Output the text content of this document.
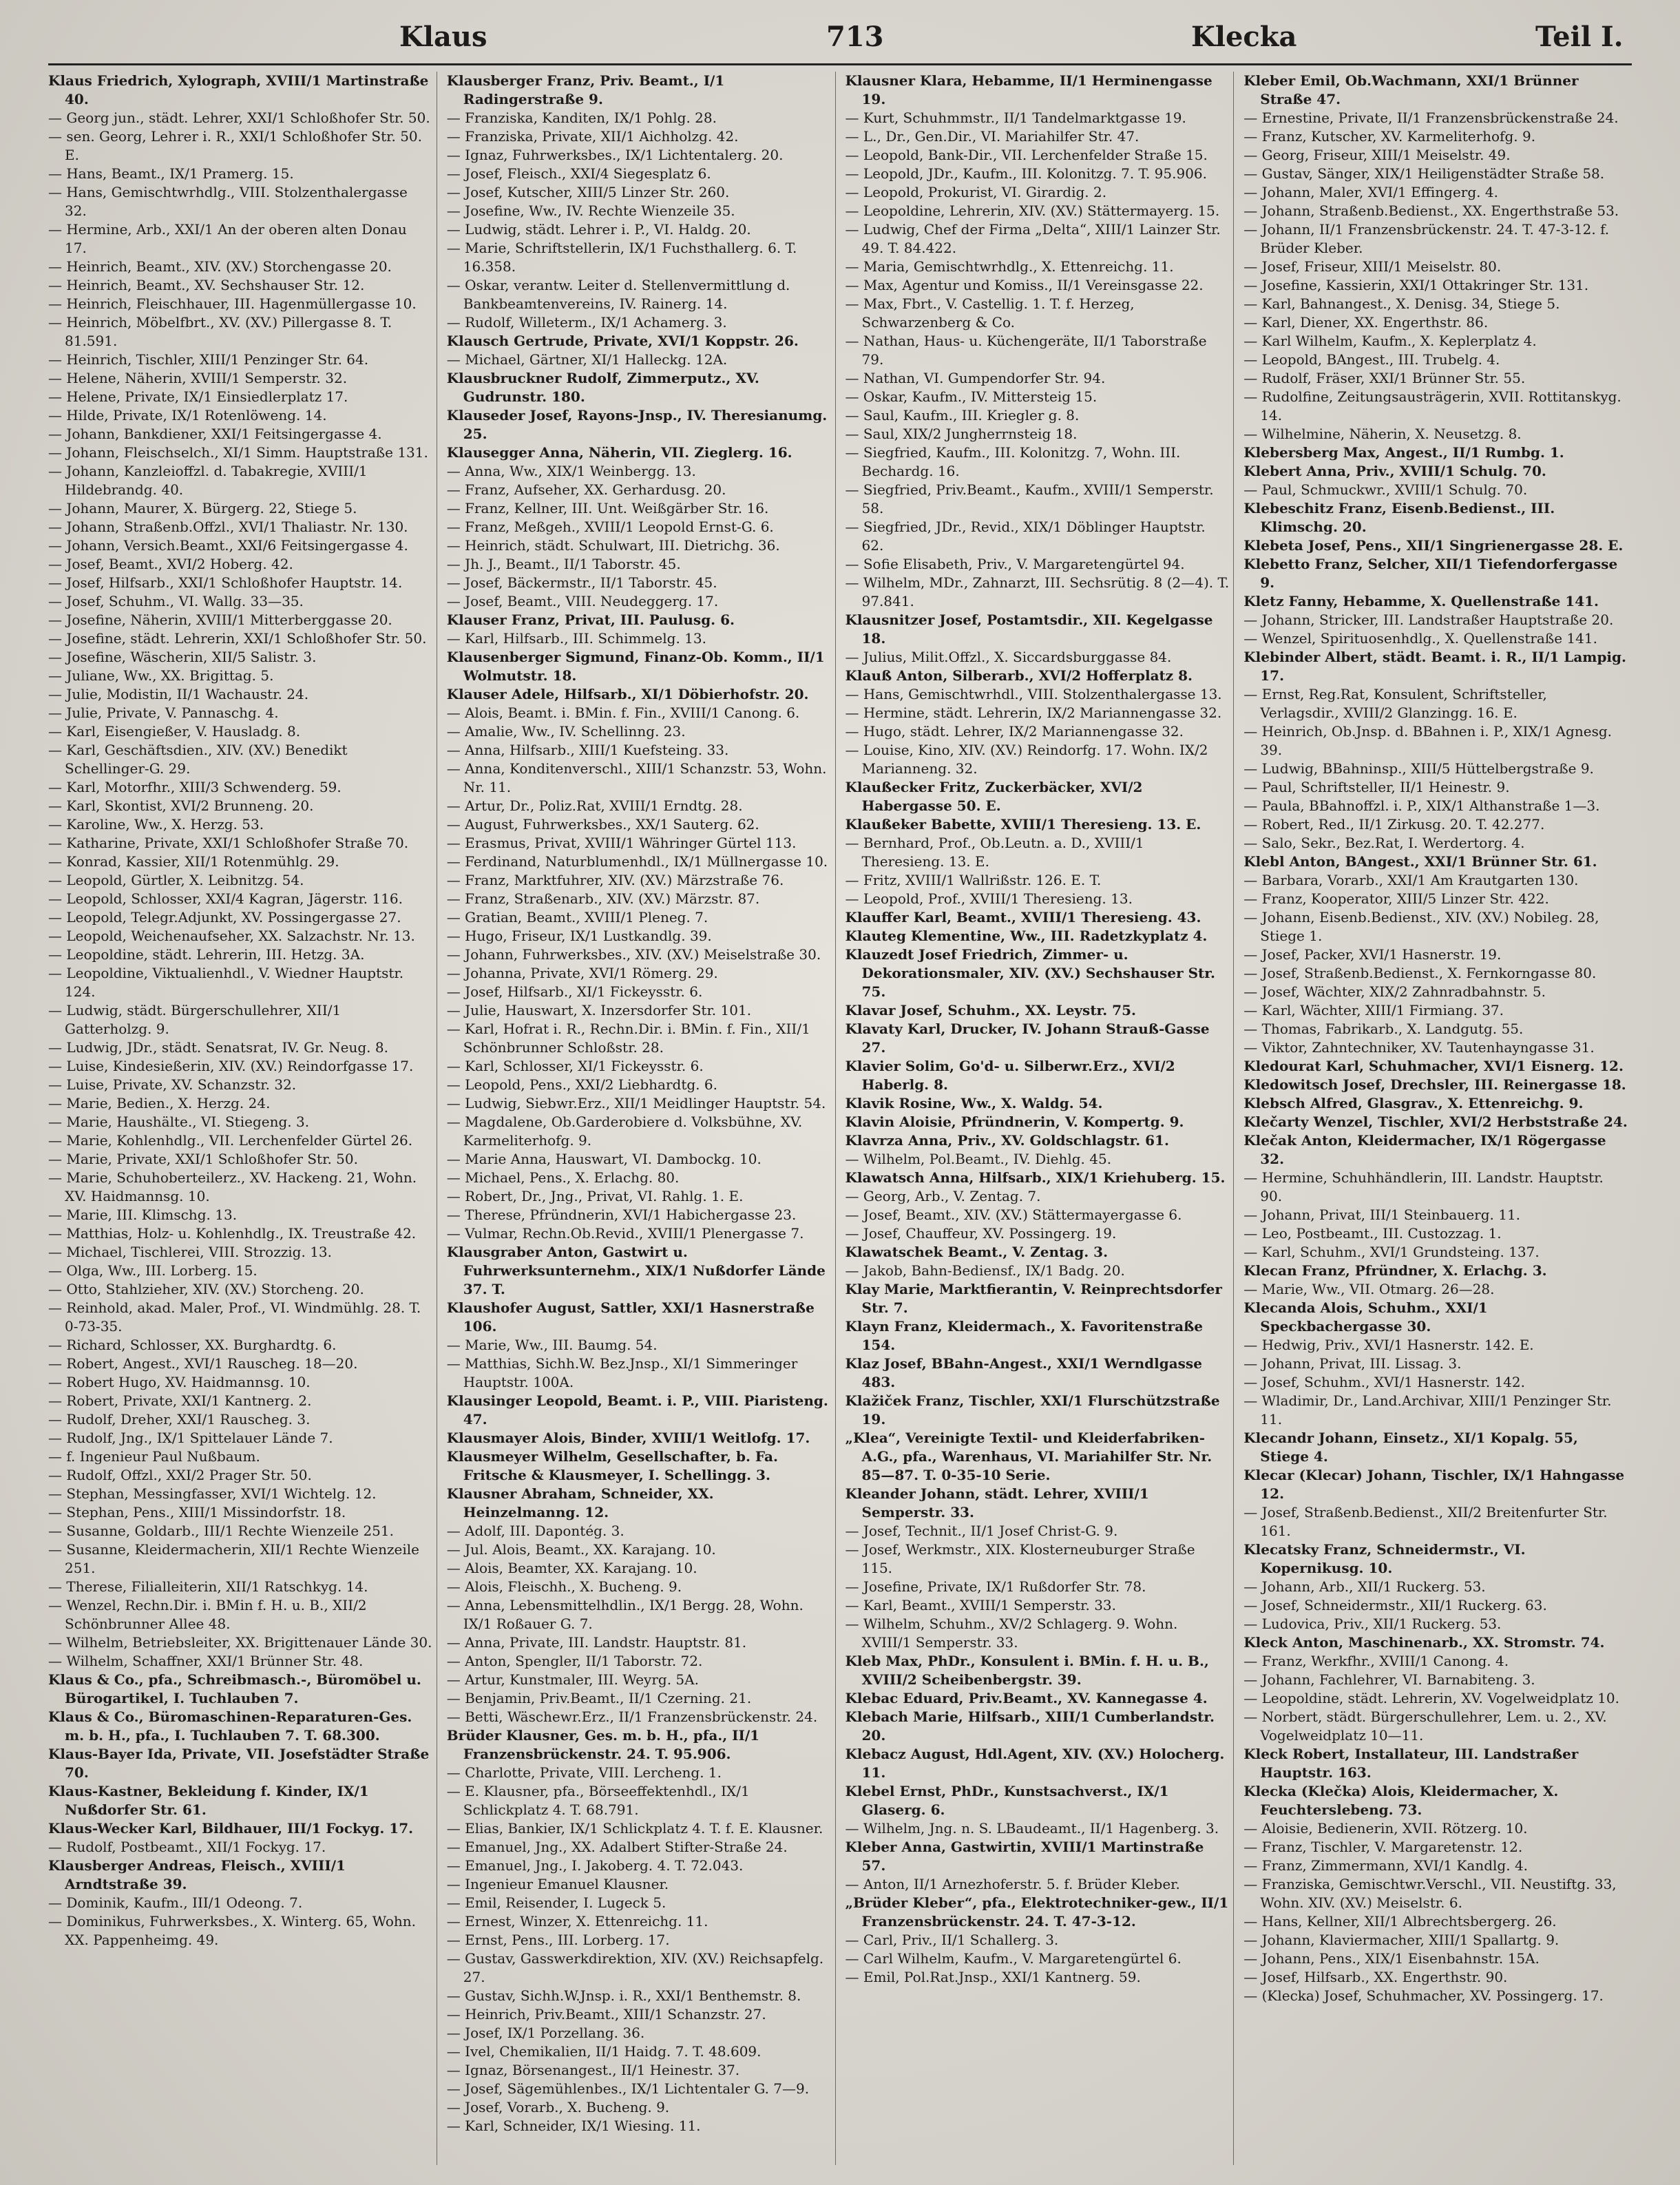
Klaus	713	Klecka	Teil I.

Klaus Friedrich, Xylograph, XVIII/1 Martinstraße 40.

— Georg jun., städt. Lehrer, XXI/1 Schloßhofer Str. 50.

— sen. Georg, Lehrer i. R., XXI/1 Schloßhofer Str. 50. E.

— Hans, Beamt., IX/1 Pramerg. 15.

— Hans, Gemischtwrhdlg., VIII. Stolzenthalergasse 32.

— Hermine, Arb., XXI/1 An der oberen alten Donau 17.

— Heinrich, Beamt., XIV. (XV.) Storchengasse 20.

— Heinrich, Beamt., XV. Sechshauser Str. 12.

— Heinrich, Fleischhauer, III. Hagenmüllergasse 10.

— Heinrich, Möbelfbrt., XV. (XV.) Pillergasse 8. T. 81.591.

— Heinrich, Tischler, XIII/1 Penzinger Str. 64.

— Helene, Näherin, XVIII/1 Semperstr. 32.

— Helene, Private, IX/1 Einsiedlerplatz 17.

— Hilde, Private, IX/1 Rotenlöweng. 14.

— Johann, Bankdiener, XXI/1 Feitsingergasse 4.

— Johann, Fleischselch., XI/1 Simm. Hauptstraße 131.

— Johann, Kanzleioffzl. d. Tabakregie, XVIII/1 Hildebrandg. 40.

— Johann, Maurer, X. Bürgerg. 22, Stiege 5.

— Johann, Straßenb.Offzl., XVI/1 Thaliastr. Nr. 130.

— Johann, Versich.Beamt., XXI/6 Feitsingergasse 4.

— Josef, Beamt., XVI/2 Hoberg. 42.

— Josef, Hilfsarb., XXI/1 Schloßhofer Hauptstr. 14.

— Josef, Schuhm., VI. Wallg. 33—35.

— Josefine, Näherin, XVIII/1 Mitterberggasse 20.

— Josefine, städt. Lehrerin, XXI/1 Schloßhofer Str. 50.

— Josefine, Wäscherin, XII/5 Salistr. 3.

— Juliane, Ww., XX. Brigittag. 5.

— Julie, Modistin, II/1 Wachaustr. 24.

— Julie, Private, V. Pannaschg. 4.

— Karl, Eisengießer, V. Hausladg. 8.

— Karl, Geschäftsdien., XIV. (XV.) Benedikt Schellinger-G. 29.

— Karl, Motorfhr., XIII/3 Schwenderg. 59.

— Karl, Skontist, XVI/2 Brunneng. 20.

— Karoline, Ww., X. Herzg. 53.

— Katharine, Private, XXI/1 Schloßhofer Straße 70.

— Konrad, Kassier, XII/1 Rotenmühlg. 29.

— Leopold, Gürtler, X. Leibnitzg. 54.

— Leopold, Schlosser, XXI/4 Kagran, Jägerstr. 116.

— Leopold, Telegr.Adjunkt, XV. Possingergasse 27.

— Leopold, Weichenaufseher, XX. Salzachstr. Nr. 13.

— Leopoldine, städt. Lehrerin, III. Hetzg. 3A.

— Leopoldine, Viktualienhdl., V. Wiedner Hauptstr. 124.

— Ludwig, städt. Bürgerschullehrer, XII/1 Gatterholzg. 9.

— Ludwig, JDr., städt. Senatsrat, IV. Gr. Neug. 8.

— Luise, Kindesießerin, XIV. (XV.) Reindorfgasse 17.

— Luise, Private, XV. Schanzstr. 32.

— Marie, Bedien., X. Herzg. 24.

— Marie, Haushälte., VI. Stiegeng. 3.

— Marie, Kohlenhdlg., VII. Lerchenfelder Gürtel 26.

— Marie, Private, XXI/1 Schloßhofer Str. 50.

— Marie, Schuhoberteilerz., XV. Hackeng. 21, Wohn. XV. Haidmannsg. 10.

— Marie, III. Klimschg. 13.

— Matthias, Holz- u. Kohlenhdlg., IX. Treustraße 42.

— Michael, Tischlerei, VIII. Strozzig. 13.

— Olga, Ww., III. Lorberg. 15.

— Otto, Stahlzieher, XIV. (XV.) Storcheng. 20.

— Reinhold, akad. Maler, Prof., VI. Windmühlg. 28. T. 0-73-35.

— Richard, Schlosser, XX. Burghardtg. 6.

— Robert, Angest., XVI/1 Rauscheg. 18—20.

— Robert Hugo, XV. Haidmannsg. 10.

— Robert, Private, XXI/1 Kantnerg. 2.

— Rudolf, Dreher, XXI/1 Rauscheg. 3.

— Rudolf, Jng., IX/1 Spittelauer Lände 7.

— f. Ingenieur Paul Nußbaum.

— Rudolf, Offzl., XXI/2 Prager Str. 50.

— Stephan, Messingfasser, XVI/1 Wichtelg. 12.

— Stephan, Pens., XIII/1 Missindorfstr. 18.

— Susanne, Goldarb., III/1 Rechte Wienzeile 251.

— Susanne, Kleidermacherin, XII/1 Rechte Wienzeile 251.

— Therese, Filialleiterin, XII/1 Ratschkyg. 14.

— Wenzel, Rechn.Dir. i. BMin f. H. u. B., XII/2 Schönbrunner Allee 48.

— Wilhelm, Betriebsleiter, XX. Brigittenauer Lände 30.

— Wilhelm, Schaffner, XXI/1 Brünner Str. 48.

Klaus & Co., pfa., Schreibmasch.-, Büromöbel u. Bürogartikel, I. Tuchlauben 7.

Klaus & Co., Büromaschinen-Reparaturen-Ges. m. b. H., pfa., I. Tuchlauben 7. T. 68.300.

Klaus-Bayer Ida, Private, VII. Josefstädter Straße 70.

Klaus-Kastner, Bekleidung f. Kinder, IX/1 Nußdorfer Str. 61.

Klaus-Wecker Karl, Bildhauer, III/1 Fockyg. 17.

— Rudolf, Postbeamt., XII/1 Fockyg. 17.

Klausberger Andreas, Fleisch., XVIII/1 Arndtstraße 39.

— Dominik, Kaufm., III/1 Odeong. 7.

— Dominikus, Fuhrwerksbes., X. Winterg. 65, Wohn. XX. Pappenheimg. 49.

Klausberger Franz, Priv. Beamt., I/1 Radingerstraße 9.

— Franziska, Kanditen, IX/1 Pohlg. 28.

— Franziska, Private, XII/1 Aichholzg. 42.

— Ignaz, Fuhrwerksbes., IX/1 Lichtentalerg. 20.

— Josef, Fleisch., XXI/4 Siegesplatz 6.

— Josef, Kutscher, XIII/5 Linzer Str. 260.

— Josefine, Ww., IV. Rechte Wienzeile 35.

— Ludwig, städt. Lehrer i. P., VI. Haldg. 20.

— Marie, Schriftstellerin, IX/1 Fuchsthallerg. 6. T. 16.358.

— Oskar, verantw. Leiter d. Stellenvermittlung d. Bankbeamtenvereins, IV. Rainerg. 14.

— Rudolf, Willeterm., IX/1 Achamerg. 3.

Klausch Gertrude, Private, XVI/1 Koppstr. 26.

— Michael, Gärtner, XI/1 Halleckg. 12A.

Klausbruckner Rudolf, Zimmerputz., XV. Gudrunstr. 180.

Klauseder Josef, Rayons-Jnsp., IV. Theresianumg. 25.

Klausegger Anna, Näherin, VII. Zieglerg. 16.

— Anna, Ww., XIX/1 Weinbergg. 13.

— Franz, Aufseher, XX. Gerhardusg. 20.

— Franz, Kellner, III. Unt. Weißgärber Str. 16.

— Franz, Meßgeh., XVIII/1 Leopold Ernst-G. 6.

— Heinrich, städt. Schulwart, III. Dietrichg. 36.

— Jh. J., Beamt., II/1 Taborstr. 45.

— Josef, Bäckermstr., II/1 Taborstr. 45.

— Josef, Beamt., VIII. Neudeggerg. 17.

Klauser Franz, Privat, III. Paulusg. 6.

— Karl, Hilfsarb., III. Schimmelg. 13.

Klausenberger Sigmund, Finanz-Ob. Komm., II/1 Wolmutstr. 18.

Klauser Adele, Hilfsarb., XI/1 Döbierhofstr. 20.

— Alois, Beamt. i. BMin. f. Fin., XVIII/1 Canong. 6.

— Amalie, Ww., IV. Schellinng. 23.

— Anna, Hilfsarb., XIII/1 Kuefsteing. 33.

— Anna, Konditenverschl., XIII/1 Schanzstr. 53, Wohn. Nr. 11.

— Artur, Dr., Poliz.Rat, XVIII/1 Erndtg. 28.

— August, Fuhrwerksbes., XX/1 Sauterg. 62.

— Erasmus, Privat, XVIII/1 Währinger Gürtel 113.

— Ferdinand, Naturblumenhdl., IX/1 Müllnergasse 10.

— Franz, Marktfuhrer, XIV. (XV.) Märzstraße 76.

— Franz, Straßenarb., XIV. (XV.) Märzstr. 87.

— Gratian, Beamt., XVIII/1 Pleneg. 7.

— Hugo, Friseur, IX/1 Lustkandlg. 39.

— Johann, Fuhrwerksbes., XIV. (XV.) Meiselstraße 30.

— Johanna, Private, XVI/1 Römerg. 29.

— Josef, Hilfsarb., XI/1 Fickeysstr. 6.

— Julie, Hauswart, X. Inzersdorfer Str. 101.

— Karl, Hofrat i. R., Rechn.Dir. i. BMin. f. Fin., XII/1 Schönbrunner Schloßstr. 28.

— Karl, Schlosser, XI/1 Fickeysstr. 6.

— Leopold, Pens., XXI/2 Liebhardtg. 6.

— Ludwig, Siebwr.Erz., XII/1 Meidlinger Hauptstr. 54.

— Magdalene, Ob.Garderobiere d. Volksbühne, XV. Karmeliterhofg. 9.

— Marie Anna, Hauswart, VI. Dambockg. 10.

— Michael, Pens., X. Erlachg. 80.

— Robert, Dr., Jng., Privat, VI. Rahlg. 1. E.

— Therese, Pfründnerin, XVI/1 Habichergasse 23.

— Vulmar, Rechn.Ob.Revid., XVIII/1 Plenergasse 7.

Klausgraber Anton, Gastwirt u. Fuhrwerksunternehm., XIX/1 Nußdorfer Lände 37. T.

Klaushofer August, Sattler, XXI/1 Hasnerstraße 106.

— Marie, Ww., III. Baumg. 54.

— Matthias, Sichh.W. Bez.Jnsp., XI/1 Simmeringer Hauptstr. 100A.

Klausinger Leopold, Beamt. i. P., VIII. Piaristeng. 47.

Klausmayer Alois, Binder, XVIII/1 Weitlofg. 17.

Klausmeyer Wilhelm, Gesellschafter, b. Fa. Fritsche & Klausmeyer, I. Schellingg. 3.

Klausner Abraham, Schneider, XX. Heinzelmanng. 12.

— Adolf, III. Dapontég. 3.

— Jul. Alois, Beamt., XX. Karajang. 10.

— Alois, Beamter, XX. Karajang. 10.

— Alois, Fleischh., X. Bucheng. 9.

— Anna, Lebensmittelhdlin., IX/1 Bergg. 28, Wohn. IX/1 Roßauer G. 7.

— Anna, Private, III. Landstr. Hauptstr. 81.

— Anton, Spengler, II/1 Taborstr. 72.

— Artur, Kunstmaler, III. Weyrg. 5A.

— Benjamin, Priv.Beamt., II/1 Czerning. 21.

— Betti, Wäschewr.Erz., II/1 Franzensbrückenstr. 24.

Brüder Klausner, Ges. m. b. H., pfa., II/1 Franzensbrückenstr. 24. T. 95.906.

— Charlotte, Private, VIII. Lercheng. 1.

— E. Klausner, pfa., Börseeffektenhdl., IX/1 Schlickplatz 4. T. 68.791.

— Elias, Bankier, IX/1 Schlickplatz 4. T. f. E. Klausner.

— Emanuel, Jng., XX. Adalbert Stifter-Straße 24.

— Emanuel, Jng., I. Jakoberg. 4. T. 72.043.

— Ingenieur Emanuel Klausner.

— Emil, Reisender, I. Lugeck 5.

— Ernest, Winzer, X. Ettenreichg. 11.

— Ernst, Pens., III. Lorberg. 17.

— Gustav, Gasswerkdirektion, XIV. (XV.) Reichsapfelg. 27.

— Gustav, Sichh.W.Jnsp. i. R., XXI/1 Benthemstr. 8.

— Heinrich, Priv.Beamt., XIII/1 Schanzstr. 27.

— Josef, IX/1 Porzellang. 36.

— Ivel, Chemikalien, II/1 Haidg. 7. T. 48.609.

— Ignaz, Börsenangest., II/1 Heinestr. 37.

— Josef, Sägemühlenbes., IX/1 Lichtentaler G. 7—9.

— Josef, Vorarb., X. Bucheng. 9.

— Karl, Schneider, IX/1 Wiesing. 11.

Klausner Klara, Hebamme, II/1 Herminengasse 19.

— Kurt, Schuhmmstr., II/1 Tandelmarktgasse 19.

— L., Dr., Gen.Dir., VI. Mariahilfer Str. 47.

— Leopold, Bank-Dir., VII. Lerchenfelder Straße 15.

— Leopold, JDr., Kaufm., III. Kolonitzg. 7. T. 95.906.

— Leopold, Prokurist, VI. Girardig. 2.

— Leopoldine, Lehrerin, XIV. (XV.) Stättermayerg. 15.

— Ludwig, Chef der Firma „Delta“, XIII/1 Lainzer Str. 49. T. 84.422.

— Maria, Gemischtwrhdlg., X. Ettenreichg. 11.

— Max, Agentur und Komiss., II/1 Vereinsgasse 22.

— Max, Fbrt., V. Castellig. 1. T. f. Herzeg, Schwarzenberg & Co.

— Nathan, Haus- u. Küchengeräte, II/1 Taborstraße 79.

— Nathan, VI. Gumpendorfer Str. 94.

— Oskar, Kaufm., IV. Mittersteig 15.

— Saul, Kaufm., III. Kriegler g. 8.

— Saul, XIX/2 Jungherrnsteig 18.

— Siegfried, Kaufm., III. Kolonitzg. 7, Wohn. III. Bechardg. 16.

— Siegfried, Priv.Beamt., Kaufm., XVIII/1 Semperstr. 58.

— Siegfried, JDr., Revid., XIX/1 Döblinger Hauptstr. 62.

— Sofie Elisabeth, Priv., V. Margaretengürtel 94.

— Wilhelm, MDr., Zahnarzt, III. Sechsrütig. 8 (2—4). T. 97.841.

Klausnitzer Josef, Postamtsdir., XII. Kegelgasse 18.

— Julius, Milit.Offzl., X. Siccardsburggasse 84.

Klauß Anton, Silberarb., XVI/2 Hofferplatz 8.

— Hans, Gemischtwrhdl., VIII. Stolzenthalergasse 13.

— Hermine, städt. Lehrerin, IX/2 Mariannengasse 32.

— Hugo, städt. Lehrer, IX/2 Mariannengasse 32.

— Louise, Kino, XIV. (XV.) Reindorfg. 17. Wohn. IX/2 Marianneng. 32.

Klaußecker Fritz, Zuckerbäcker, XVI/2 Habergasse 50. E.

Klaußeker Babette, XVIII/1 Theresieng. 13. E.

— Bernhard, Prof., Ob.Leutn. a. D., XVIII/1 Theresieng. 13. E.

— Fritz, XVIII/1 Wallrißstr. 126. E. T.

— Leopold, Prof., XVIII/1 Theresieng. 13.

Klauffer Karl, Beamt., XVIII/1 Theresieng. 43.

Klauteg Klementine, Ww., III. Radetzkyplatz 4.

Klauzedt Josef Friedrich, Zimmer- u. Dekorationsmaler, XIV. (XV.) Sechshauser Str. 75.

Klavar Josef, Schuhm., XX. Leystr. 75.

Klavaty Karl, Drucker, IV. Johann Strauß-Gasse 27.

Klavier Solim, Go'd- u. Silberwr.Erz., XVI/2 Haberlg. 8.

Klavik Rosine, Ww., X. Waldg. 54.

Klavin Aloisie, Pfründnerin, V. Kompertg. 9.

Klavrza Anna, Priv., XV. Goldschlagstr. 61.

— Wilhelm, Pol.Beamt., IV. Diehlg. 45.

Klawatsch Anna, Hilfsarb., XIX/1 Kriehuberg. 15.

— Georg, Arb., V. Zentag. 7.

— Josef, Beamt., XIV. (XV.) Stättermayergasse 6.

— Josef, Chauffeur, XV. Possingerg. 19.

Klawatschek Beamt., V. Zentag. 3.

— Jakob, Bahn-Bediensf., IX/1 Badg. 20.

Klay Marie, Marktfierantin, V. Reinprechtsdorfer Str. 7.

Klayn Franz, Kleidermach., X. Favoritenstraße 154.

Klaz Josef, BBahn-Angest., XXI/1 Werndlgasse 483.

Klažiček Franz, Tischler, XXI/1 Flurschützstraße 19.

„Klea“, Vereinigte Textil- und Kleiderfabriken-A.G., pfa., Warenhaus, VI. Mariahilfer Str. Nr. 85—87. T. 0-35-10 Serie.

Kleander Johann, städt. Lehrer, XVIII/1 Semperstr. 33.

— Josef, Technit., II/1 Josef Christ-G. 9.

— Josef, Werkmstr., XIX. Klosterneuburger Straße 115.

— Josefine, Private, IX/1 Rußdorfer Str. 78.

— Karl, Beamt., XVIII/1 Semperstr. 33.

— Wilhelm, Schuhm., XV/2 Schlagerg. 9. Wohn. XVIII/1 Semperstr. 33.

Kleb Max, PhDr., Konsulent i. BMin. f. H. u. B., XVIII/2 Scheibenbergstr. 39.

Klebac Eduard, Priv.Beamt., XV. Kannegasse 4.

Klebach Marie, Hilfsarb., XIII/1 Cumberlandstr. 20.

Klebacz August, Hdl.Agent, XIV. (XV.) Holocherg. 11.

Klebel Ernst, PhDr., Kunstsachverst., IX/1 Glaserg. 6.

— Wilhelm, Jng. n. S. LBaudeamt., II/1 Hagenberg. 3.

Kleber Anna, Gastwirtin, XVIII/1 Martinstraße 57.

— Anton, II/1 Arnezhoferstr. 5. f. Brüder Kleber.

„Brüder Kleber“, pfa., Elektrotechniker-gew., II/1 Franzensbrückenstr. 24. T. 47-3-12.

— Carl, Priv., II/1 Schallerg. 3.

— Carl Wilhelm, Kaufm., V. Margaretengürtel 6.

— Emil, Pol.Rat.Jnsp., XXI/1 Kantnerg. 59.

Kleber Emil, Ob.Wachmann, XXI/1 Brünner Straße 47.

— Ernestine, Private, II/1 Franzensbrückenstraße 24.

— Franz, Kutscher, XV. Karmeliterhofg. 9.

— Georg, Friseur, XIII/1 Meiselstr. 49.

— Gustav, Sänger, XIX/1 Heiligenstädter Straße 58.

— Johann, Maler, XVI/1 Effingerg. 4.

— Johann, Straßenb.Bedienst., XX. Engerthstraße 53.

— Johann, II/1 Franzensbrückenstr. 24. T. 47-3-12. f. Brüder Kleber.

— Josef, Friseur, XIII/1 Meiselstr. 80.

— Josefine, Kassierin, XXI/1 Ottakringer Str. 131.

— Karl, Bahnangest., X. Denisg. 34, Stiege 5.

— Karl, Diener, XX. Engerthstr. 86.

— Karl Wilhelm, Kaufm., X. Keplerplatz 4.

— Leopold, BAngest., III. Trubelg. 4.

— Rudolf, Fräser, XXI/1 Brünner Str. 55.

— Rudolfine, Zeitungsausträgerin, XVII. Rottitanskyg. 14.

— Wilhelmine, Näherin, X. Neusetzg. 8.

Klebersberg Max, Angest., II/1 Rumbg. 1.

Klebert Anna, Priv., XVIII/1 Schulg. 70.

— Paul, Schmuckwr., XVIII/1 Schulg. 70.

Klebeschitz Franz, Eisenb.Bedienst., III. Klimschg. 20.

Klebeta Josef, Pens., XII/1 Singrienergasse 28. E.

Klebetto Franz, Selcher, XII/1 Tiefendorfergasse 9.

Kletz Fanny, Hebamme, X. Quellenstraße 141.

— Johann, Stricker, III. Landstraßer Hauptstraße 20.

— Wenzel, Spirituosenhdlg., X. Quellenstraße 141.

Klebinder Albert, städt. Beamt. i. R., II/1 Lampig. 17.

— Ernst, Reg.Rat, Konsulent, Schriftsteller, Verlagsdir., XVIII/2 Glanzingg. 16. E.

— Heinrich, Ob.Jnsp. d. BBahnen i. P., XIX/1 Agnesg. 39.

— Ludwig, BBahninsp., XIII/5 Hüttelbergstraße 9.

— Paul, Schriftsteller, II/1 Heinestr. 9.

— Paula, BBahnoffzl. i. P., XIX/1 Althanstraße 1—3.

— Robert, Red., II/1 Zirkusg. 20. T. 42.277.

— Salo, Sekr., Bez.Rat, I. Werdertorg. 4.

Klebl Anton, BAngest., XXI/1 Brünner Str. 61.

— Barbara, Vorarb., XXI/1 Am Krautgarten 130.

— Franz, Kooperator, XIII/5 Linzer Str. 422.

— Johann, Eisenb.Bedienst., XIV. (XV.) Nobileg. 28, Stiege 1.

— Josef, Packer, XVI/1 Hasnerstr. 19.

— Josef, Straßenb.Bedienst., X. Fernkorngasse 80.

— Josef, Wächter, XIX/2 Zahnradbahnstr. 5.

— Karl, Wächter, XIII/1 Firmiang. 37.

— Thomas, Fabrikarb., X. Landgutg. 55.

— Viktor, Zahntechniker, XV. Tautenhayngasse 31.

Kledourat Karl, Schuhmacher, XVI/1 Eisnerg. 12.

Kledowitsch Josef, Drechsler, III. Reinergasse 18.

Klebsch Alfred, Glasgrav., X. Ettenreichg. 9.

Klečarty Wenzel, Tischler, XVI/2 Herbststraße 24.

Klečak Anton, Kleidermacher, IX/1 Rögergasse 32.

— Hermine, Schuhhändlerin, III. Landstr. Hauptstr. 90.

— Johann, Privat, III/1 Steinbauerg. 11.

— Leo, Postbeamt., III. Custozzag. 1.

— Karl, Schuhm., XVI/1 Grundsteing. 137.

Klecan Franz, Pfründner, X. Erlachg. 3.

— Marie, Ww., VII. Otmarg. 26—28.

Klecanda Alois, Schuhm., XXI/1 Speckbachergasse 30.

— Hedwig, Priv., XVI/1 Hasnerstr. 142. E.

— Johann, Privat, III. Lissag. 3.

— Josef, Schuhm., XVI/1 Hasnerstr. 142.

— Wladimir, Dr., Land.Archivar, XIII/1 Penzinger Str. 11.

Klecandr Johann, Einsetz., XI/1 Kopalg. 55, Stiege 4.

Klecar (Klecar) Johann, Tischler, IX/1 Hahngasse 12.

— Josef, Straßenb.Bedienst., XII/2 Breitenfurter Str. 161.

Klecatsky Franz, Schneidermstr., VI. Kopernikusg. 10.

— Johann, Arb., XII/1 Ruckerg. 53.

— Josef, Schneidermstr., XII/1 Ruckerg. 63.

— Ludovica, Priv., XII/1 Ruckerg. 53.

Kleck Anton, Maschinenarb., XX. Stromstr. 74.

— Franz, Werkfhr., XVIII/1 Canong. 4.

— Johann, Fachlehrer, VI. Barnabiteng. 3.

— Leopoldine, städt. Lehrerin, XV. Vogelweidplatz 10.

— Norbert, städt. Bürgerschullehrer, Lem. u. 2., XV. Vogelweidplatz 10—11.

Kleck Robert, Installateur, III. Landstraßer Hauptstr. 163.

Klecka (Klečka) Alois, Kleidermacher, X. Feuchterslebeng. 73.

— Aloisie, Bedienerin, XVII. Rötzerg. 10.

— Franz, Tischler, V. Margaretenstr. 12.

— Franz, Zimmermann, XVI/1 Kandlg. 4.

— Franziska, Gemischtwr.Verschl., VII. Neustiftg. 33, Wohn. XIV. (XV.) Meiselstr. 6.

— Hans, Kellner, XII/1 Albrechtsbergerg. 26.

— Johann, Klaviermacher, XIII/1 Spallartg. 9.

— Johann, Pens., XIX/1 Eisenbahnstr. 15A.

— Josef, Hilfsarb., XX. Engerthstr. 90.

— (Klecka) Josef, Schuhmacher, XV. Possingerg. 17.
